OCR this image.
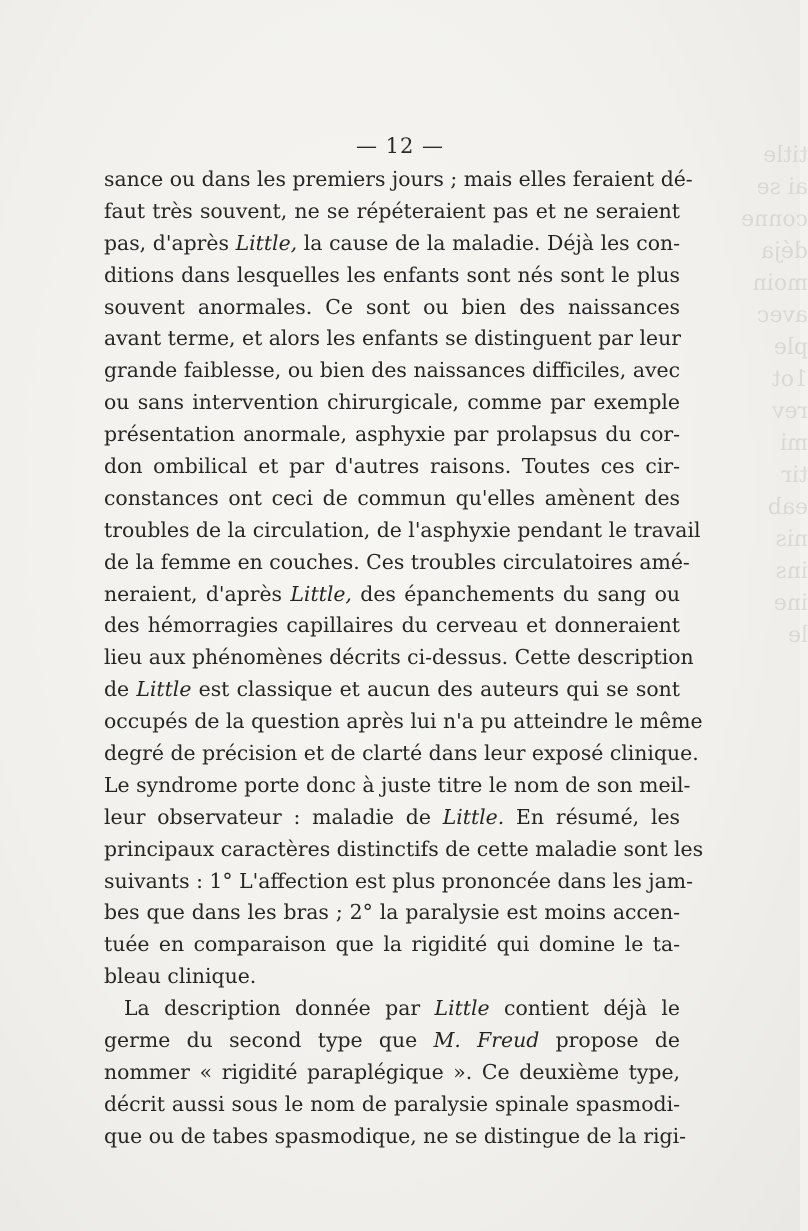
title
ai se
conne
déja
moin
avec
ple
1ot
rev
mi
tir
eab
nis
ins
ine
le

— 12 —
sance ou dans les premiers jours ; mais elles feraient dé-
faut très souvent, ne se répéteraient pas et ne seraient
pas, d'après Little, la cause de la maladie. Déjà les con-
ditions dans lesquelles les enfants sont nés sont le plus
souvent anormales. Ce sont ou bien des naissances
avant terme, et alors les enfants se distinguent par leur
grande faiblesse, ou bien des naissances difficiles, avec
ou sans intervention chirurgicale, comme par exemple
présentation anormale, asphyxie par prolapsus du cor-
don ombilical et par d'autres raisons. Toutes ces cir-
constances ont ceci de commun qu'elles amènent des
troubles de la circulation, de l'asphyxie pendant le travail
de la femme en couches. Ces troubles circulatoires amé-
neraient, d'après Little, des épanchements du sang ou
des hémorragies capillaires du cerveau et donneraient
lieu aux phénomènes décrits ci-dessus. Cette description
de Little est classique et aucun des auteurs qui se sont
occupés de la question après lui n'a pu atteindre le même
degré de précision et de clarté dans leur exposé clinique.
Le syndrome porte donc à juste titre le nom de son meil-
leur observateur : maladie de Little. En résumé, les
principaux caractères distinctifs de cette maladie sont les
suivants : 1° L'affection est plus prononcée dans les jam-
bes que dans les bras ; 2° la paralysie est moins accen-
tuée en comparaison que la rigidité qui domine le ta-
bleau clinique.
La description donnée par Little contient déjà le
germe du second type que M. Freud propose de
nommer « rigidité paraplégique ». Ce deuxième type,
décrit aussi sous le nom de paralysie spinale spasmodi-
que ou de tabes spasmodique, ne se distingue de la rigi-
